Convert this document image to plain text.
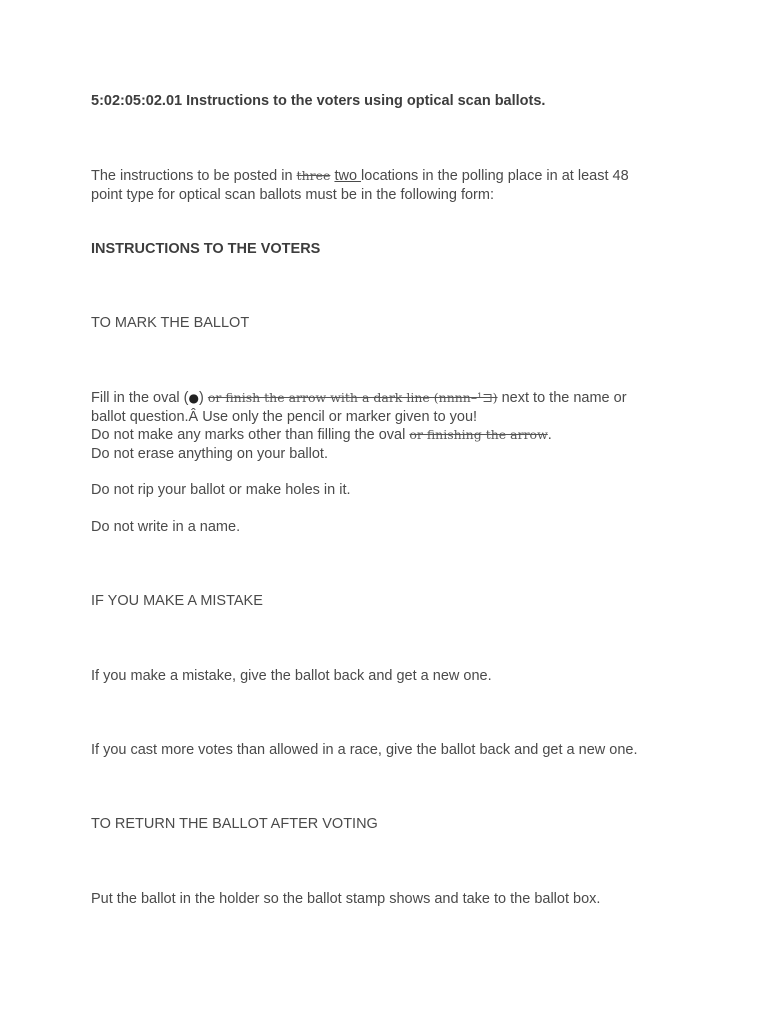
5:02:05:02.01 Instructions to the voters using optical scan ballots.
The instructions to be posted in three two locations in the polling place in at least 48
point type for optical scan ballots must be in the following form:
INSTRUCTIONS TO THE VOTERS
TO MARK THE BALLOT
Fill in the oval (●) or finish the arrow with a dark line (nnnn–¹⊐) next to the name or
ballot question.Â Use only the pencil or marker given to you!
Do not make any marks other than filling the oval or finishing the arrow.
Do not erase anything on your ballot.
Do not rip your ballot or make holes in it.
Do not write in a name.
IF YOU MAKE A MISTAKE
If you make a mistake, give the ballot back and get a new one.
If you cast more votes than allowed in a race, give the ballot back and get a new one.
TO RETURN THE BALLOT AFTER VOTING
Put the ballot in the holder so the ballot stamp shows and take to the ballot box.
